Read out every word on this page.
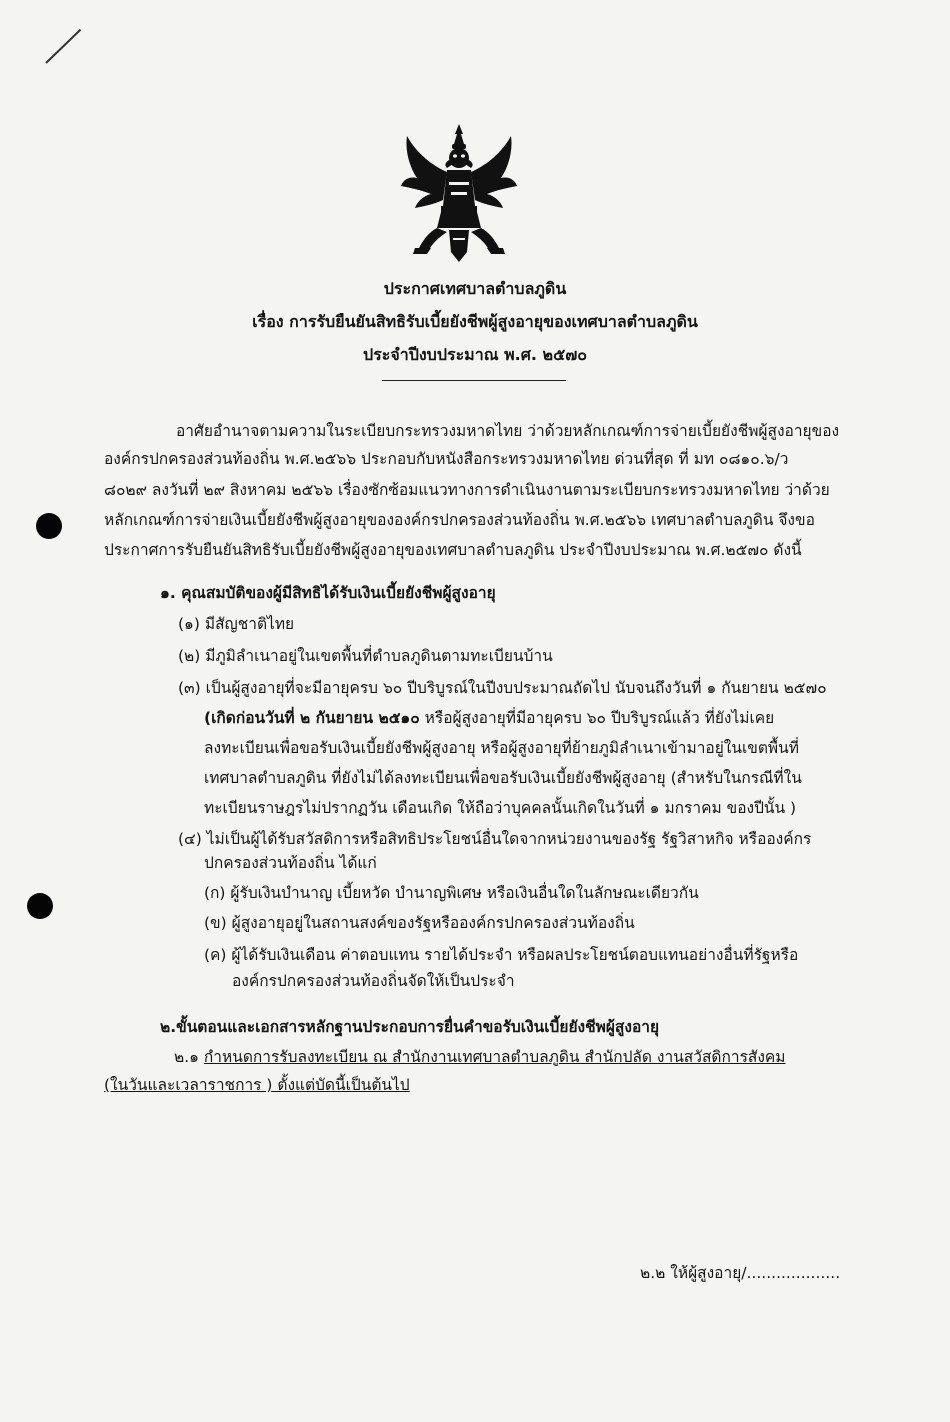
ประกาศเทศบาลตำบลภูดิน
เรื่อง การรับยืนยันสิทธิรับเบี้ยยังชีพผู้สูงอายุของเทศบาลตำบลภูดิน
ประจำปีงบประมาณ พ.ศ. ๒๕๗๐
อาศัยอำนาจตามความในระเบียบกระทรวงมหาดไทย ว่าด้วยหลักเกณฑ์การจ่ายเบี้ยยังชีพผู้สูงอายุของ
องค์กรปกครองส่วนท้องถิ่น พ.ศ.๒๕๖๖ ประกอบกับหนังสือกระทรวงมหาดไทย ด่วนที่สุด ที่ มท ๐๘๑๐.๖/ว
๘๐๒๙ ลงวันที่ ๒๙ สิงหาคม ๒๕๖๖ เรื่องซักซ้อมแนวทางการดำเนินงานตามระเบียบกระทรวงมหาดไทย ว่าด้วย
หลักเกณฑ์การจ่ายเงินเบี้ยยังชีพผู้สูงอายุขององค์กรปกครองส่วนท้องถิ่น พ.ศ.๒๕๖๖ เทศบาลตำบลภูดิน จึงขอ
ประกาศการรับยืนยันสิทธิรับเบี้ยยังชีพผู้สูงอายุของเทศบาลตำบลภูดิน ประจำปีงบประมาณ พ.ศ.๒๕๗๐ ดังนี้
๑. คุณสมบัติของผู้มีสิทธิได้รับเงินเบี้ยยังชีพผู้สูงอายุ
(๑) มีสัญชาติไทย
(๒) มีภูมิลำเนาอยู่ในเขตพื้นที่ตำบลภูดินตามทะเบียนบ้าน
(๓) เป็นผู้สูงอายุที่จะมีอายุครบ ๖๐ ปีบริบูรณ์ในปีงบประมาณถัดไป นับจนถึงวันที่ ๑ กันยายน ๒๕๗๐
(เกิดก่อนวันที่ ๒ กันยายน ๒๕๑๐ หรือผู้สูงอายุที่มีอายุครบ ๖๐ ปีบริบูรณ์แล้ว ที่ยังไม่เคย
ลงทะเบียนเพื่อขอรับเงินเบี้ยยังชีพผู้สูงอายุ หรือผู้สูงอายุที่ย้ายภูมิลำเนาเข้ามาอยู่ในเขตพื้นที่
เทศบาลตำบลภูดิน ที่ยังไม่ได้ลงทะเบียนเพื่อขอรับเงินเบี้ยยังชีพผู้สูงอายุ (สำหรับในกรณีที่ใน
ทะเบียนราษฎรไม่ปรากฏวัน เดือนเกิด ให้ถือว่าบุคคลนั้นเกิดในวันที่ ๑ มกราคม ของปีนั้น )
(๔) ไม่เป็นผู้ได้รับสวัสดิการหรือสิทธิประโยชน์อื่นใดจากหน่วยงานของรัฐ รัฐวิสาหกิจ หรือองค์กร
ปกครองส่วนท้องถิ่น ได้แก่
(ก) ผู้รับเงินบำนาญ เบี้ยหวัด บำนาญพิเศษ หรือเงินอื่นใดในลักษณะเดียวกัน
(ข) ผู้สูงอายุอยู่ในสถานสงค์ของรัฐหรือองค์กรปกครองส่วนท้องถิ่น
(ค) ผู้ได้รับเงินเดือน ค่าตอบแทน รายได้ประจำ หรือผลประโยชน์ตอบแทนอย่างอื่นที่รัฐหรือ
องค์กรปกครองส่วนท้องถิ่นจัดให้เป็นประจำ
๒.ขั้นตอนและเอกสารหลักฐานประกอบการยื่นคำขอรับเงินเบี้ยยังชีพผู้สูงอายุ
๒.๑ กำหนดการรับลงทะเบียน ณ สำนักงานเทศบาลตำบลภูดิน สำนักปลัด งานสวัสดิการสังคม
(ในวันและเวลาราชการ ) ตั้งแต่บัดนี้เป็นต้นไป
๒.๒ ให้ผู้สูงอายุ/...................
